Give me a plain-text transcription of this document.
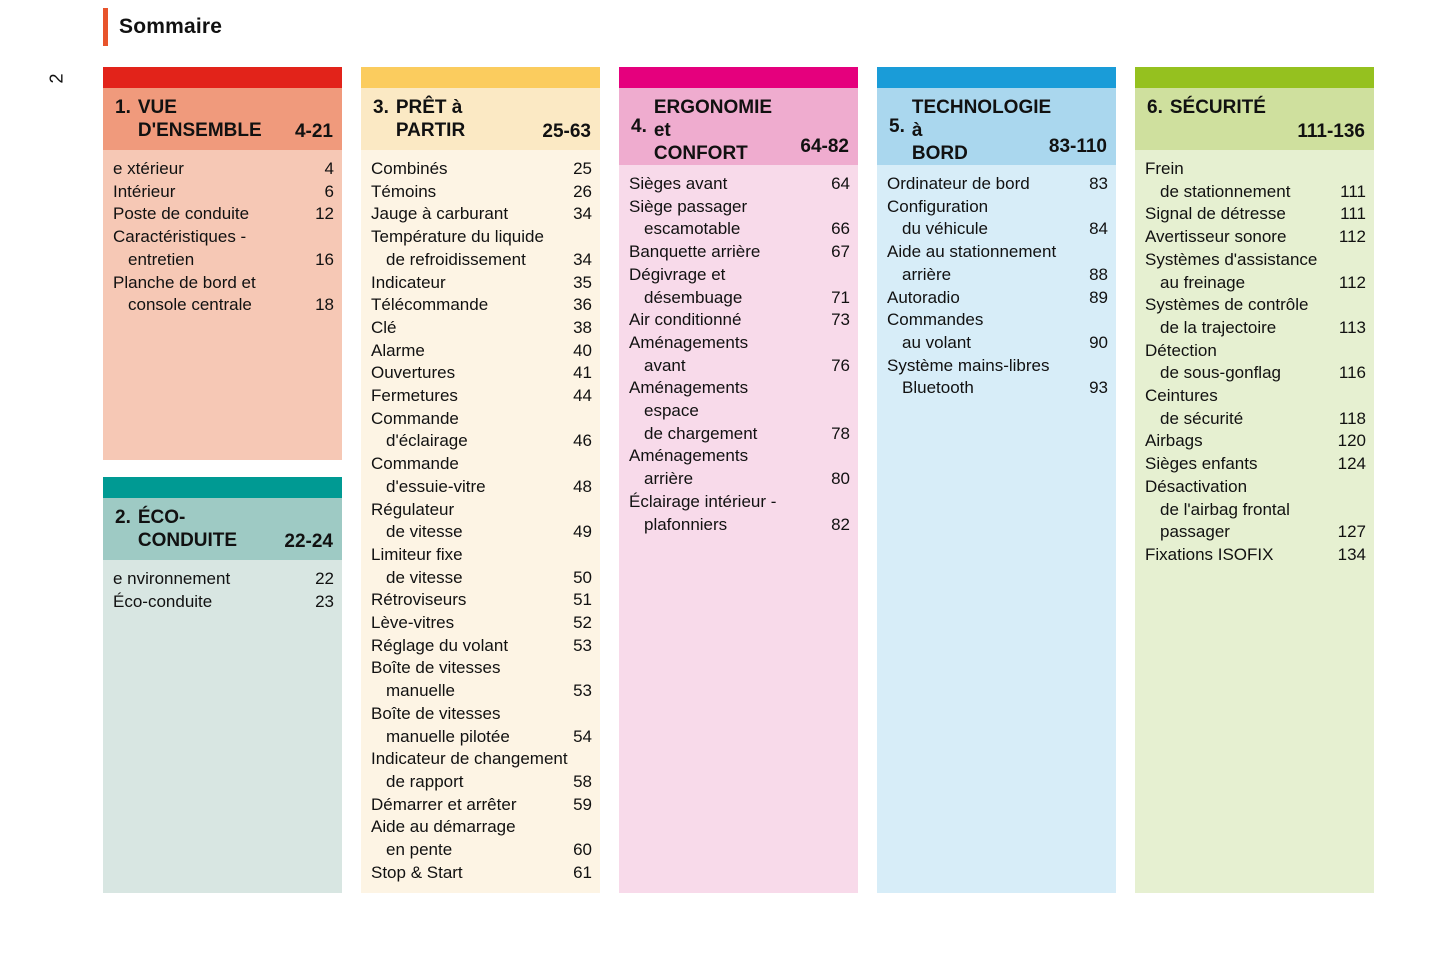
2
Sommaire
1. VUE D'ENSEMBLE	4-21
e xtérieur	4
Intérieur	6
Poste de conduite	12
Caractéristiques -
entretien	16
Planche de bord et
console centrale	18
2. ÉCO-CONDUITE	22-24
e nvironnement	22
Éco-conduite	23
3. PRÊT à PARTIR	25-63
Combinés	25
Témoins	26
Jauge à carburant	34
Température du liquide
de refroidissement	34
Indicateur	35
Télécommande	36
Clé	38
Alarme	40
Ouvertures	41
Fermetures	44
Commande
d'éclairage	46
Commande
d'essuie-vitre	48
Régulateur
de vitesse	49
Limiteur fixe
de vitesse	50
Rétroviseurs	51
Lève-vitres	52
Réglage du volant	53
Boîte de vitesses
manuelle	53
Boîte de vitesses
manuelle pilotée	54
Indicateur de changement
de rapport	58
Démarrer et arrêter	59
Aide au démarrage
en pente	60
Stop & Start	61
4.
ERGONOMIE et
CONFORT	64-82
Sièges avant	64
Siège passager
escamotable	66
Banquette arrière	67
Dégivrage et
désembuage	71
Air conditionné	73
Aménagements
avant	76
Aménagements
espace
de chargement	78
Aménagements
arrière	80
Éclairage intérieur -
plafonniers	82
5.
TECHNOLOGIE à
BORD	83-110
Ordinateur de bord	83
Configuration
du véhicule	84
Aide au stationnement
arrière	88
Autoradio	89
Commandes
au volant	90
Système mains-libres
Bluetooth	93
6. SÉCURITÉ
111-136
Frein
de stationnement	111
Signal de détresse	111
Avertisseur sonore	112
Systèmes d'assistance
au freinage	112
Systèmes de contrôle
de la trajectoire	113
Détection
de sous-gonflag	116
Ceintures
de sécurité	118
Airbags	120
Sièges enfants	124
Désactivation
de l'airbag frontal
passager	127
Fixations ISOFIX	134
